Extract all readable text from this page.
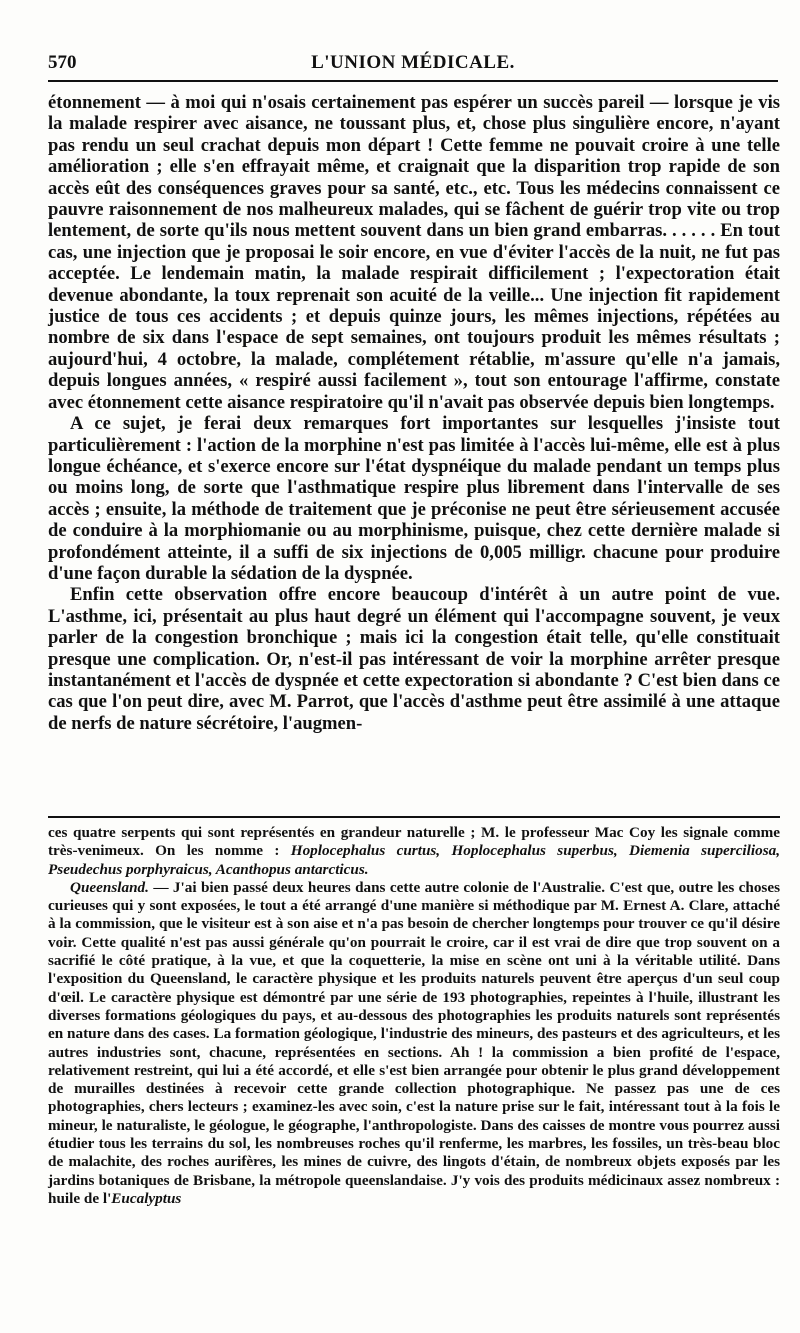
570	L'UNION MÉDICALE.

étonnement — à moi qui n'osais certainement pas espérer un succès pareil — lorsque je vis la malade respirer avec aisance, ne toussant plus, et, chose plus singulière encore, n'ayant pas rendu un seul crachat depuis mon départ ! Cette femme ne pouvait croire à une telle amélioration ; elle s'en effrayait même, et craignait que la disparition trop rapide de son accès eût des conséquences graves pour sa santé, etc., etc. Tous les médecins connaissent ce pauvre raisonnement de nos malheureux malades, qui se fâchent de guérir trop vite ou trop lentement, de sorte qu'ils nous mettent souvent dans un bien grand embarras. . . . . . En tout cas, une injection que je proposai le soir encore, en vue d'éviter l'accès de la nuit, ne fut pas acceptée. Le lendemain matin, la malade respirait difficilement ; l'expectoration était devenue abondante, la toux reprenait son acuité de la veille... Une injection fit rapidement justice de tous ces accidents ; et depuis quinze jours, les mêmes injections, répétées au nombre de six dans l'espace de sept semaines, ont toujours produit les mêmes résultats ; aujourd'hui, 4 octobre, la malade, complétement rétablie, m'assure qu'elle n'a jamais, depuis longues années, « respiré aussi facilement », tout son entourage l'affirme, constate avec étonnement cette aisance respiratoire qu'il n'avait pas observée depuis bien longtemps.

A ce sujet, je ferai deux remarques fort importantes sur lesquelles j'insiste tout particulièrement : l'action de la morphine n'est pas limitée à l'accès lui-même, elle est à plus longue échéance, et s'exerce encore sur l'état dyspnéique du malade pendant un temps plus ou moins long, de sorte que l'asthmatique respire plus librement dans l'intervalle de ses accès ; ensuite, la méthode de traitement que je préconise ne peut être sérieusement accusée de conduire à la morphiomanie ou au morphinisme, puisque, chez cette dernière malade si profondément atteinte, il a suffi de six injections de 0,005 milligr. chacune pour produire d'une façon durable la sédation de la dyspnée.

Enfin cette observation offre encore beaucoup d'intérêt à un autre point de vue. L'asthme, ici, présentait au plus haut degré un élément qui l'accompagne souvent, je veux parler de la congestion bronchique ; mais ici la congestion était telle, qu'elle constituait presque une complication. Or, n'est-il pas intéressant de voir la morphine arrêter presque instantanément et l'accès de dyspnée et cette expectoration si abondante ? C'est bien dans ce cas que l'on peut dire, avec M. Parrot, que l'accès d'asthme peut être assimilé à une attaque de nerfs de nature sécrétoire, l'augmen-

ces quatre serpents qui sont représentés en grandeur naturelle ; M. le professeur Mac Coy les signale comme très-venimeux. On les nomme : Hoplocephalus curtus, Hoplocephalus superbus, Diemenia superciliosa, Pseudechus porphyraicus, Acanthopus antarcticus.

Queensland. — J'ai bien passé deux heures dans cette autre colonie de l'Australie. C'est que, outre les choses curieuses qui y sont exposées, le tout a été arrangé d'une manière si méthodique par M. Ernest A. Clare, attaché à la commission, que le visiteur est à son aise et n'a pas besoin de chercher longtemps pour trouver ce qu'il désire voir. Cette qualité n'est pas aussi générale qu'on pourrait le croire, car il est vrai de dire que trop souvent on a sacrifié le côté pratique, à la vue, et que la coquetterie, la mise en scène ont uni à la véritable utilité. Dans l'exposition du Queensland, le caractère physique et les produits naturels peuvent être aperçus d'un seul coup d'œil. Le caractère physique est démontré par une série de 193 photographies, repeintes à l'huile, illustrant les diverses formations géologiques du pays, et au-dessous des photographies les produits naturels sont représentés en nature dans des cases. La formation géologique, l'industrie des mineurs, des pasteurs et des agriculteurs, et les autres industries sont, chacune, représentées en sections. Ah ! la commission a bien profité de l'espace, relativement restreint, qui lui a été accordé, et elle s'est bien arrangée pour obtenir le plus grand développement de murailles destinées à recevoir cette grande collection photographique. Ne passez pas une de ces photographies, chers lecteurs ; examinez-les avec soin, c'est la nature prise sur le fait, intéressant tout à la fois le mineur, le naturaliste, le géologue, le géographe, l'anthropologiste. Dans des caisses de montre vous pourrez aussi étudier tous les terrains du sol, les nombreuses roches qu'il renferme, les marbres, les fossiles, un très-beau bloc de malachite, des roches aurifères, les mines de cuivre, des lingots d'étain, de nombreux objets exposés par les jardins botaniques de Brisbane, la métropole queenslandaise. J'y vois des produits médicinaux assez nombreux : huile de l'Eucalyptus
